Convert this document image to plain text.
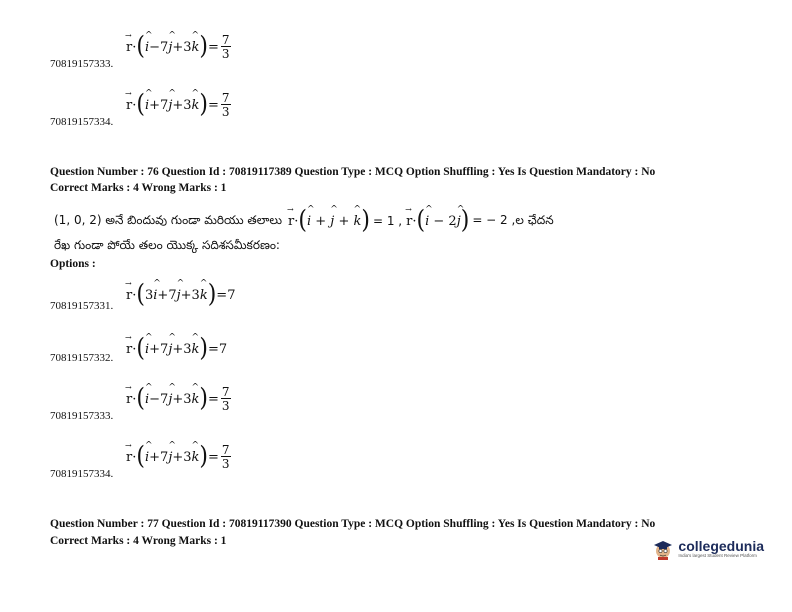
→ r · ( ^ i − 7 ^ j + 3 ^ k ) = $\frac{7}{3}$
70819157333.
→ r · ( ^ i + 7 ^ j + 3 ^ k ) = $\frac{7}{3}$
70819157334.
Question Number : 76 Question Id : 70819117389 Question Type : MCQ Option Shuffling : Yes Is Question Mandatory : No
Correct Marks : 4 Wrong Marks : 1
(1, 0, 2) అనే బిందువు గుండా మరియు తలాలు → r · ( ^ i + ^ j + ^ k ) = 1 , → r · ( ^ i − 2 ^ j ) = − 2 ,ల ఛేదన
రేఖ గుండా పోయే తలం యొక్క సదిశసమీకరణం:
Options :
→ r · ( 3 ^ i + 7 ^ j + 3 ^ k ) =7
70819157331.
→ r · ( ^ i + 7 ^ j + 3 ^ k ) =7
70819157332.
→ r · ( ^ i − 7 ^ j + 3 ^ k ) = $\frac{7}{3}$
70819157333.
→ r · ( ^ i + 7 ^ j + 3 ^ k ) = $\frac{7}{3}$
70819157334.
Question Number : 77 Question Id : 70819117390 Question Type : MCQ Option Shuffling : Yes Is Question Mandatory : No
Correct Marks : 4 Wrong Marks : 1	collegedunia
India's largest Student Review Platform
